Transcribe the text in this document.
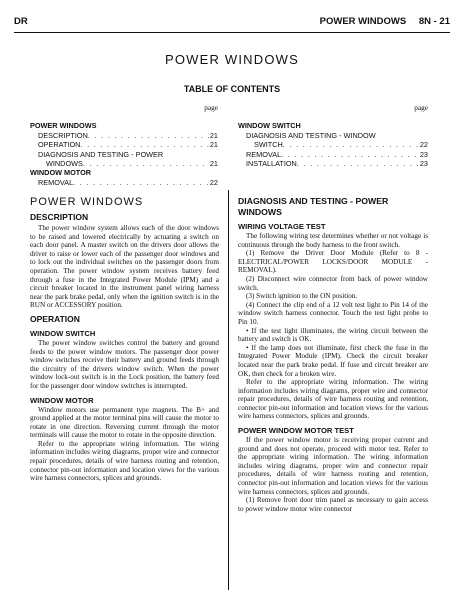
DR	POWER WINDOWS 8N - 21
POWER WINDOWS
TABLE OF CONTENTS
page
POWER WINDOWS
DESCRIPTION . . .	21
OPERATION . . .	21
DIAGNOSIS AND TESTING - POWER
WINDOWS . . .	21
WINDOW MOTOR
REMOVAL . . .	22
page
WINDOW SWITCH
DIAGNOSIS AND TESTING - WINDOW
SWITCH . . .	22
REMOVAL . . .	23
INSTALLATION . . .	23
POWER WINDOWS
DESCRIPTION

The power window system allows each of the door windows to be raised and lowered electrically by actuating a switch on each door panel. A master switch on the drivers door allows the driver to raise or lower each of the passenger door windows and to lock out the individual switches on the passenger doors from operation. The power window system receives battery feed through a fuse in the Integrated Power Module (IPM) and a circuit breaker located in the instrument panel wiring harness near the park brake pedal, only when the ignition switch is in the RUN or ACCESSORY position.

OPERATION
WINDOW SWITCH

The power window switches control the battery and ground feeds to the power window motors. The passenger door power window switches receive their battery and ground feeds through the circuitry of the drivers window switch. When the power window lock-out switch is in the Lock position, the battery feed for the passenger door window switches is interrupted.

WINDOW MOTOR

Window motors use permanent type magnets. The B+ and ground applied at the motor terminal pins will cause the motor to rotate in one direction. Reversing current through the motor terminals will cause the motor to rotate in the opposite direction.

Refer to the appropriate wiring information. The wiring information includes wiring diagrams, proper wire and connector repair procedures, details of wire harness routing and retention, connector pin-out information and location views for the various wire harness connectors, splices and grounds.

DIAGNOSIS AND TESTING - POWER WINDOWS
WIRING VOLTAGE TEST

The following wiring test determines whether or not voltage is continuous through the body harness to the front switch.

(1) Remove the Driver Door Module (Refer to 8 - ELECTRICAL/POWER LOCKS/DOOR MODULE - REMOVAL).

(2) Disconnect wire connector from back of power window switch.

(3) Switch ignition to the ON position.

(4) Connect the clip end of a 12 volt test light to Pin 14 of the window switch harness connector. Touch the test light probe to Pin 10.

• If the test light illuminates, the wiring circuit between the battery and switch is OK.

• If the lamp does not illuminate, first check the fuse in the Integrated Power Module (IPM). Check the circuit breaker located near the park brake pedal. If fuse and circuit breaker are OK, then check for a broken wire.

Refer to the appropriate wiring information. The wiring information includes wiring diagrams, proper wire and connector repair procedures, details of wire harness routing and retention, connector pin-out information and location views for the various wire harness connectors, splices and grounds.

POWER WINDOW MOTOR TEST

If the power window motor is receiving proper current and ground and does not operate, proceed with motor test. Refer to the appropriate wiring information. The wiring information includes wiring diagrams, proper wire and connector repair procedures, details of wire harness routing and retention, connector pin-out information and location views for the various wire harness connectors, splices and grounds.

(1) Remove front door trim panel as necessary to gain access to power window motor wire connector
